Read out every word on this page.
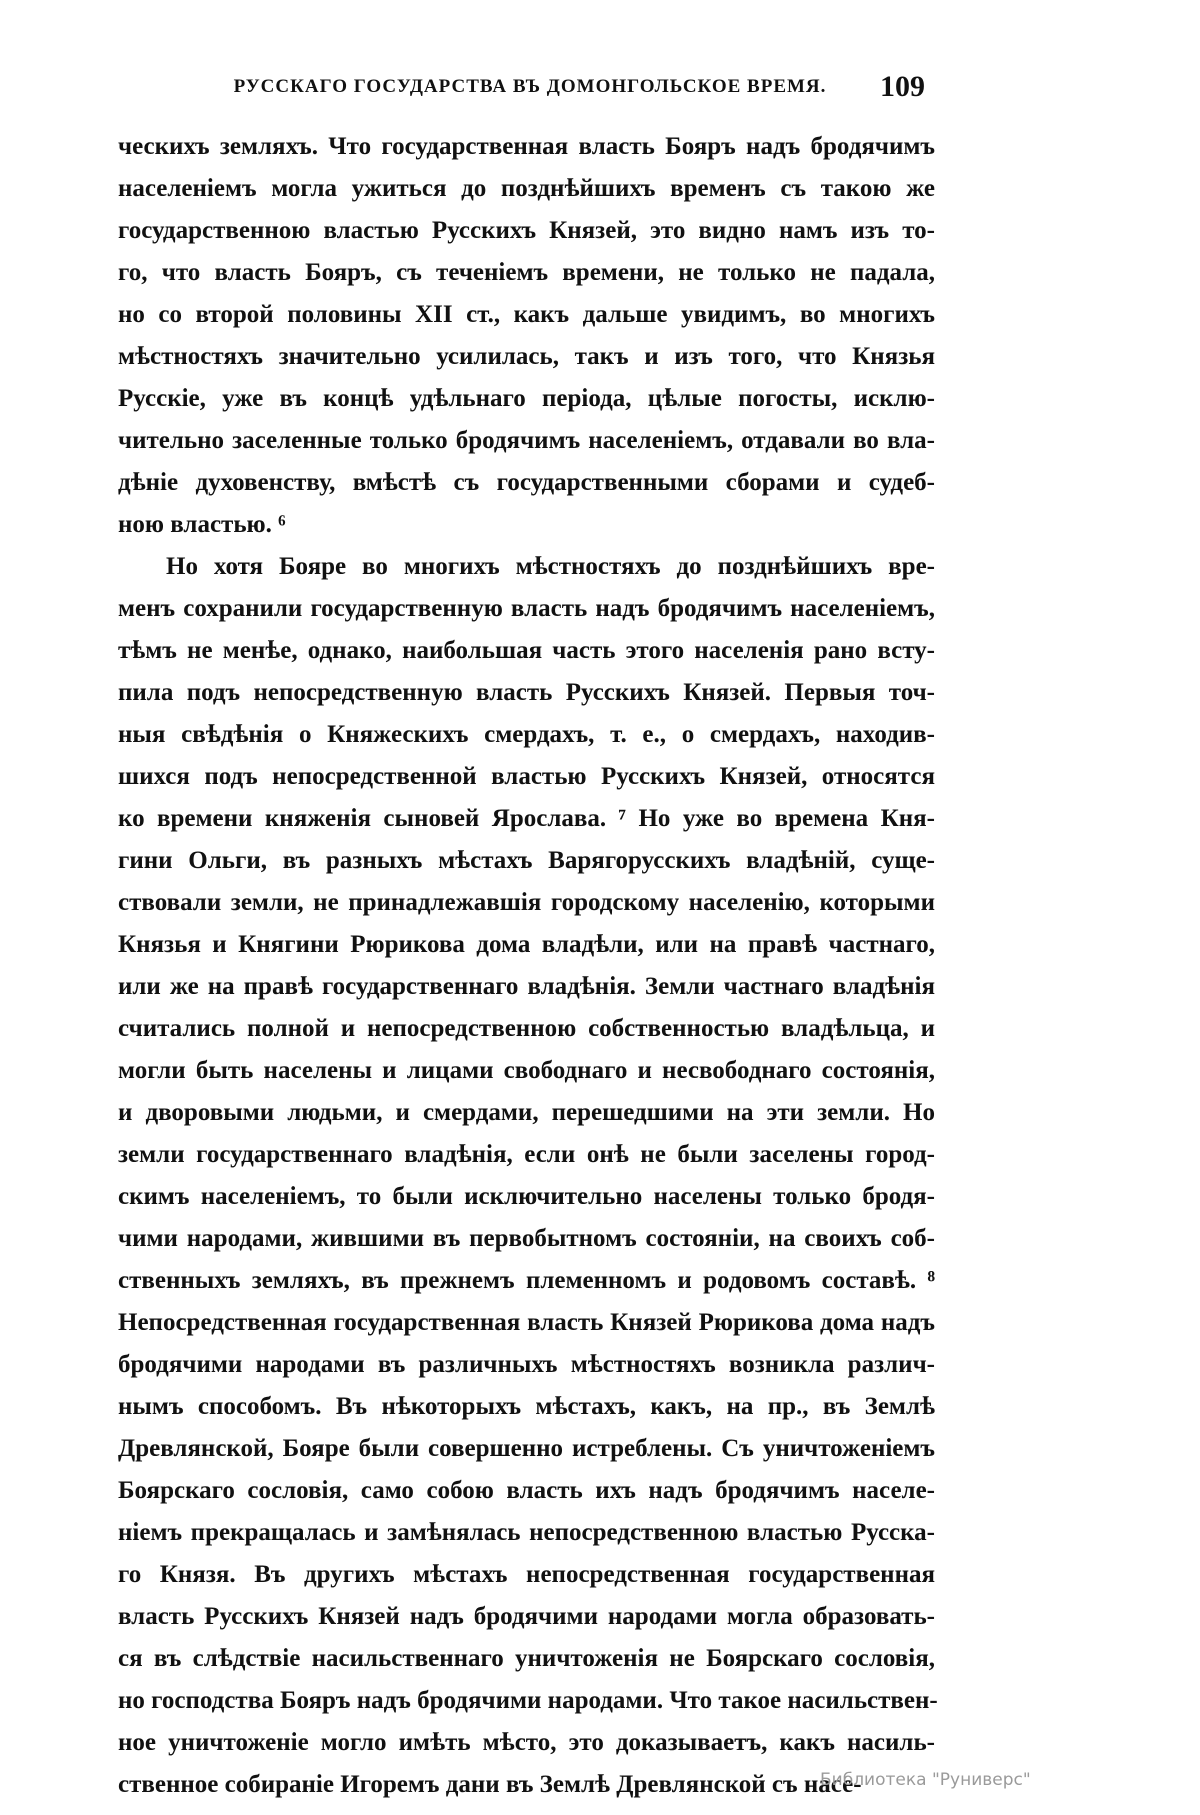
РУССКАГО ГОСУДАРСТВА ВЪ ДОМОНГОЛЬСКОЕ ВРЕМЯ. 109
ческихъ земляхъ. Что государственная власть Бояръ надъ бродячимъ
населеніемъ могла ужиться до позднѣйшихъ временъ съ такою же
государственною властью Русскихъ Князей, это видно намъ изъ то-
го, что власть Бояръ, съ теченіемъ времени, не только не падала,
но со второй половины XII ст., какъ дальше увидимъ, во многихъ
мѣстностяхъ значительно усилилась, такъ и изъ того, что Князья
Русскіе, уже въ концѣ удѣльнаго періода, цѣлые погосты, исклю-
чительно заселенные только бродячимъ населеніемъ, отдавали во вла-
дѣніе духовенству, вмѣстѣ съ государственными сборами и судеб-
ною властью. ⁶
Но хотя Бояре во многихъ мѣстностяхъ до позднѣйшихъ вре-
менъ сохранили государственную власть надъ бродячимъ населеніемъ,
тѣмъ не менѣе, однако, наибольшая часть этого населенія рано всту-
пила подъ непосредственную власть Русскихъ Князей. Первыя точ-
ныя свѣдѣнія о Княжескихъ смердахъ, т. е., о смердахъ, находив-
шихся подъ непосредственной властью Русскихъ Князей, относятся
ко времени княженія сыновей Ярослава. ⁷ Но уже во времена Кня-
гини Ольги, въ разныхъ мѣстахъ Варягорусскихъ владѣній, суще-
ствовали земли, не принадлежавшія городскому населенію, которыми
Князья и Княгини Рюрикова дома владѣли, или на правѣ частнаго,
или же на правѣ государственнаго владѣнія. Земли частнаго владѣнія
считались полной и непосредственною собственностью владѣльца, и
могли быть населены и лицами свободнаго и несвободнаго состоянія,
и дворовыми людьми, и смердами, перешедшими на эти земли. Но
земли государственнаго владѣнія, если онѣ не были заселены город-
скимъ населеніемъ, то были исключительно населены только бродя-
чими народами, жившими въ первобытномъ состояніи, на своихъ соб-
ственныхъ земляхъ, въ прежнемъ племенномъ и родовомъ составѣ. ⁸
Непосредственная государственная власть Князей Рюрикова дома надъ
бродячими народами въ различныхъ мѣстностяхъ возникла различ-
нымъ способомъ. Въ нѣкоторыхъ мѣстахъ, какъ, на пр., въ Землѣ
Древлянской, Бояре были совершенно истреблены. Съ уничтоженіемъ
Боярскаго сословія, само собою власть ихъ надъ бродячимъ населе-
ніемъ прекращалась и замѣнялась непосредственною властью Русска-
го Князя. Въ другихъ мѣстахъ непосредственная государственная
власть Русскихъ Князей надъ бродячими народами могла образовать-
ся въ слѣдствіе насильственнаго уничтоженія не Боярскаго сословія,
но господства Бояръ надъ бродячими народами. Что такое насильствен-
ное уничтоженіе могло имѣть мѣсто, это доказываетъ, какъ насиль-
ственное собираніе Игоремъ дани въ Землѣ Древлянской съ насе-
Библиотека "Руниверс"
